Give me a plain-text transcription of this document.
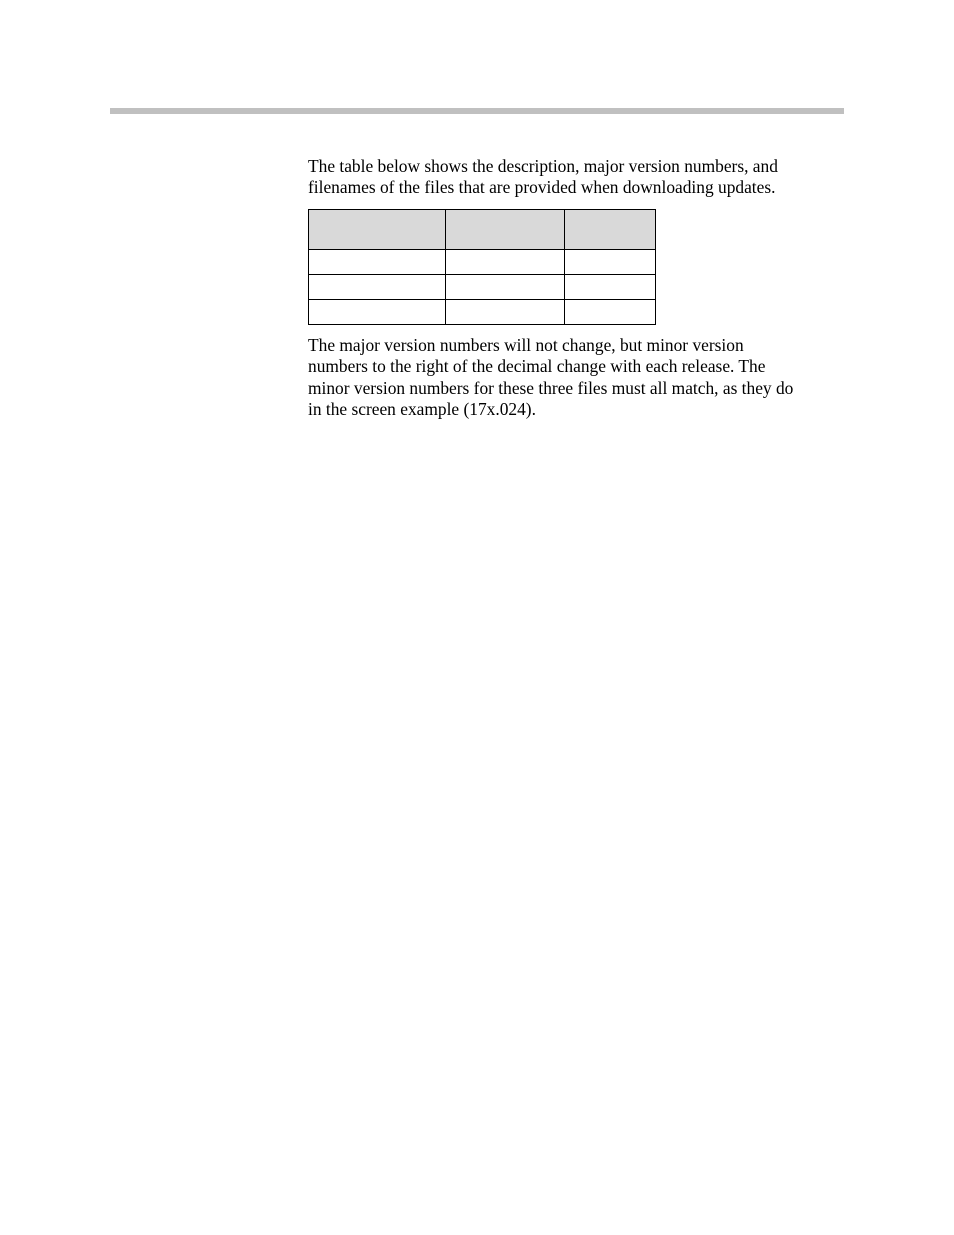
The table below shows the description, major version numbers, and
filenames of the files that are provided when downloading updates.

The major version numbers will not change, but minor version
numbers to the right of the decimal change with each release. The
minor version numbers for these three files must all match, as they do
in the screen example (17x.024).
